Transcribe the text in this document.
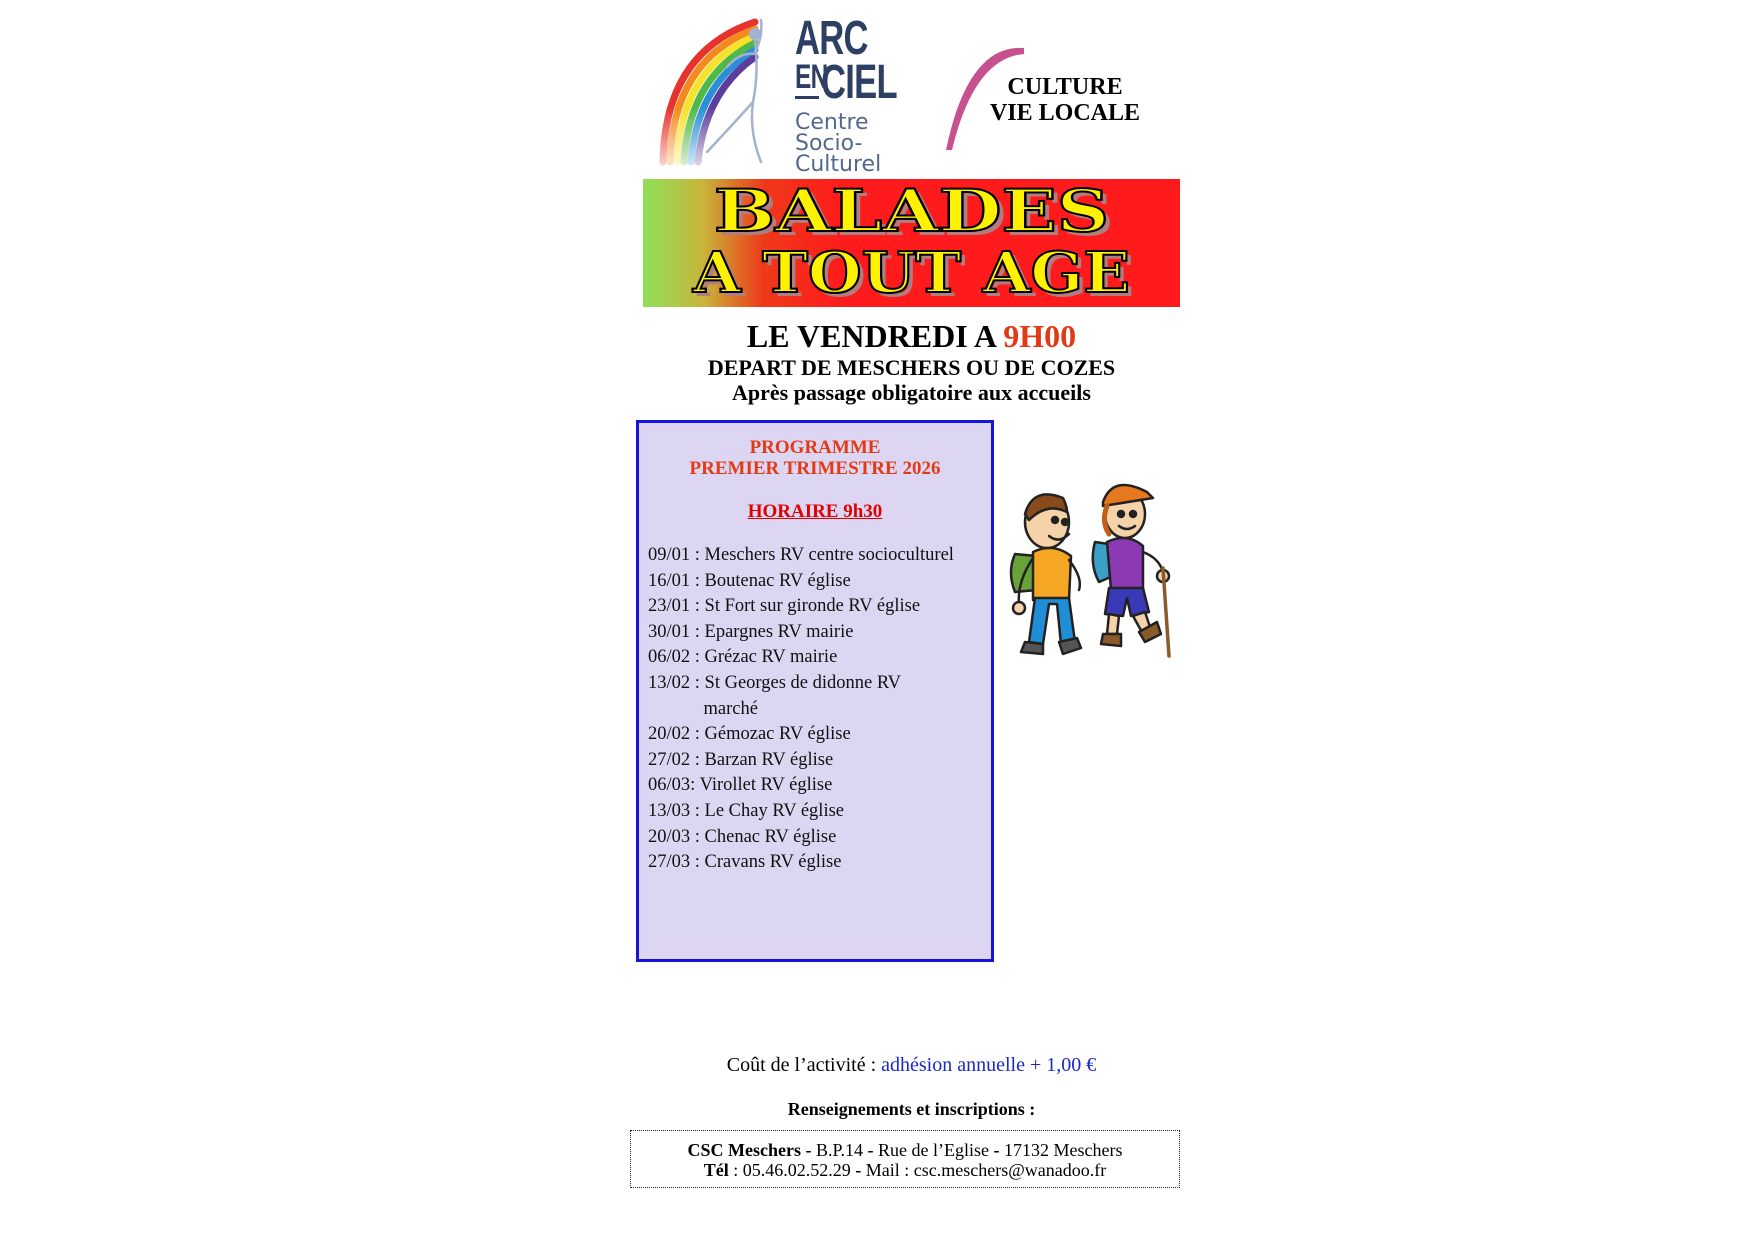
ARC
EN
CIEL
Centre
Socio-
Culturel
CULTURE
VIE LOCALE
BALADES
A TOUT AGE
LE VENDREDI A 9H00
DEPART DE MESCHERS OU DE COZES
Après passage obligatoire aux accueils
PROGRAMME
PREMIER TRIMESTRE 2026
HORAIRE 9h30
09/01 : Meschers RV centre socioculturel
16/01 : Boutenac RV église
23/01 : St Fort sur gironde RV église
30/01 : Epargnes RV mairie
06/02 : Grézac RV mairie
13/02 : St Georges de didonne RV
marché
20/02 : Gémozac RV église
27/02 : Barzan RV église
06/03: Virollet RV église
13/03 : Le Chay RV église
20/03 : Chenac RV église
27/03 : Cravans RV église
Coût de l’activité : adhésion annuelle + 1,00 €
Renseignements et inscriptions :
CSC Meschers - B.P.14 - Rue de l’Eglise - 17132 Meschers
Tél : 05.46.02.52.29 - Mail : csc.meschers@wanadoo.fr
